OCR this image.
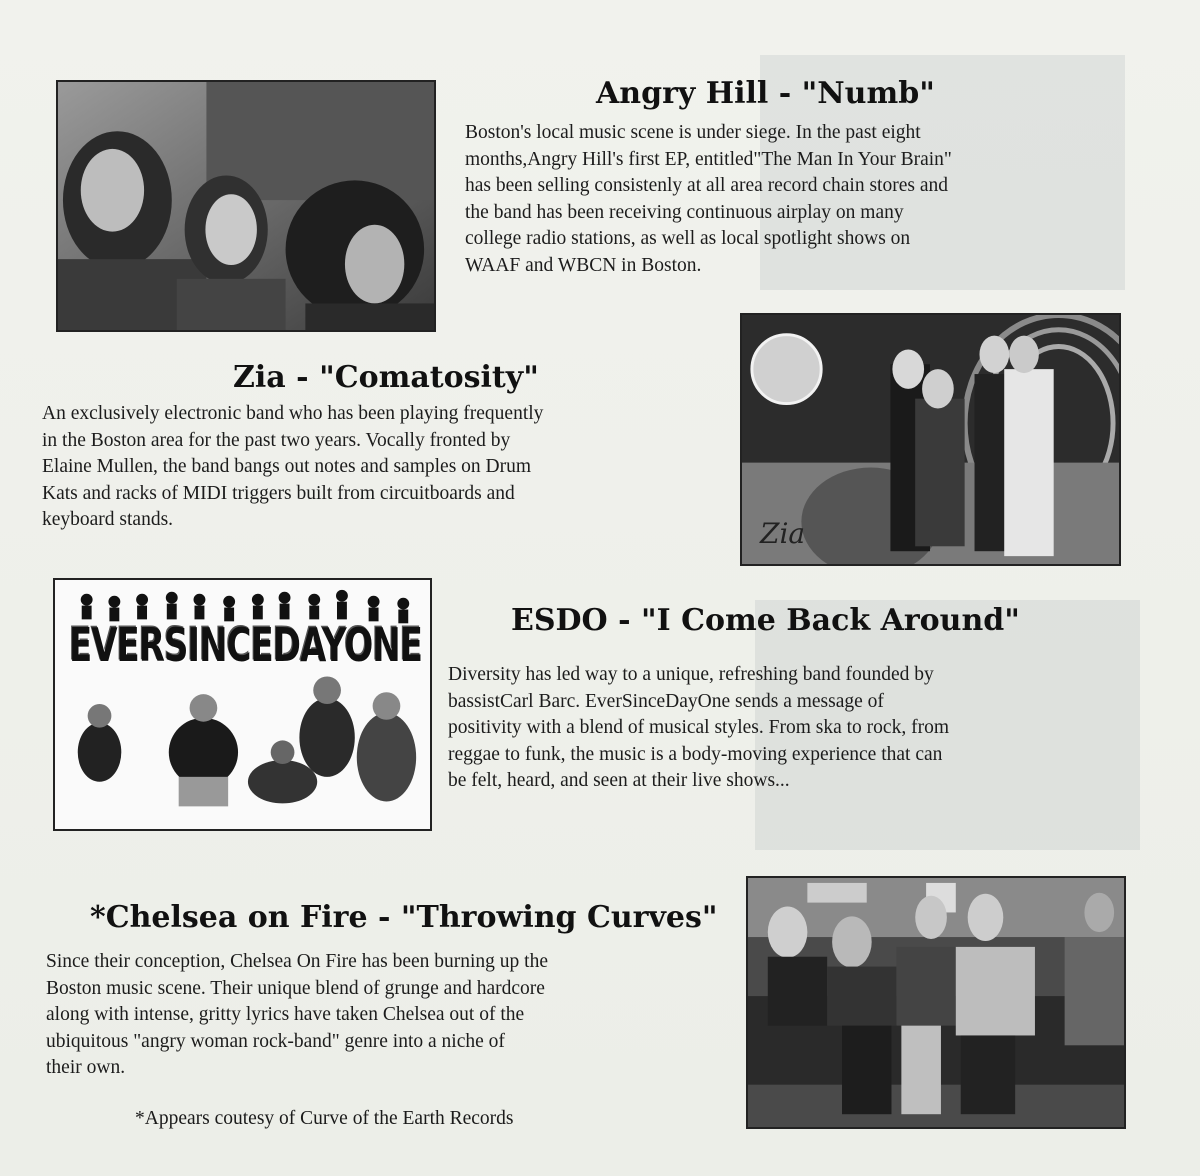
Angry Hill - "Numb"
Boston's local music scene is under siege. In the past eight
months,Angry Hill's first EP, entitled"The Man In Your Brain"
has been selling consistenly at all area record chain stores and
the band has been receiving continuous airplay on many
college radio stations, as well as local spotlight shows on
WAAF and WBCN in Boston.
Zia - "Comatosity"
An exclusively electronic band who has been playing frequently
in the Boston area for the past two years. Vocally fronted by
Elaine Mullen, the band bangs out notes and samples on Drum
Kats and racks of MIDI triggers built from circuitboards and
keyboard stands.	Zia
EVERSINCEDAYONE	ESDO - "I Come Back Around"
Diversity has led way to a unique, refreshing band founded by
bassistCarl Barc. EverSinceDayOne sends a message of
positivity with a blend of musical styles. From ska to rock, from
reggae to funk, the music is a body-moving experience that can
be felt, heard, and seen at their live shows...
*Chelsea on Fire - "Throwing Curves"
Since their conception, Chelsea On Fire has been burning up the
Boston music scene. Their unique blend of grunge and hardcore
along with intense, gritty lyrics have taken Chelsea out of the
ubiquitous "angry woman rock-band" genre into a niche of
their own.
*Appears coutesy of Curve of the Earth Records
